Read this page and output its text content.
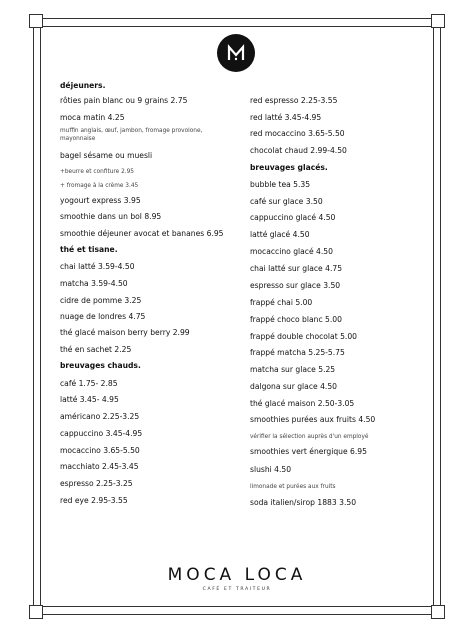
déjeuners.
rôties pain blanc ou 9 grains 2.75
moca matin 4.25
muffin anglais, œuf, jambon, fromage provolone,
mayonnaise
bagel sésame ou muesli
+beurre et confiture 2.95
+ fromage à la crème 3.45
yogourt express 3.95
smoothie dans un bol 8.95
smoothie déjeuner avocat et bananes 6.95
thé et tisane.
chai latté 3.59-4.50
matcha 3.59-4.50
cidre de pomme 3.25
nuage de londres 4.75
thé glacé maison berry berry 2.99
thé en sachet 2.25
breuvages chauds.
café 1.75- 2.85
latté 3.45- 4.95
américano 2.25-3.25
cappuccino 3.45-4.95
mocaccino 3.65-5.50
macchiato 2.45-3.45
espresso 2.25-3.25
red eye 2.95-3.55
red espresso 2.25-3.55
red latté 3.45-4.95
red mocaccino 3.65-5.50
chocolat chaud 2.99-4.50
breuvages glacés.
bubble tea 5.35
café sur glace 3.50
cappuccino glacé 4.50
latté glacé 4.50
mocaccino glacé 4.50
chai latté sur glace 4.75
espresso sur glace 3.50
frappé chai 5.00
frappé choco blanc 5.00
frappé double chocolat 5.00
frappé matcha 5.25-5.75
matcha sur glace 5.25
dalgona sur glace 4.50
thé glacé maison 2.50-3.05
smoothies purées aux fruits 4.50
vérifier la sélection auprès d'un employé
smoothies vert énergique 6.95
slushi 4.50
limonade et purées aux fruits
soda italien/sirop 1883 3.50
MOCA LOCA
CAFÉ ET TRAITEUR
